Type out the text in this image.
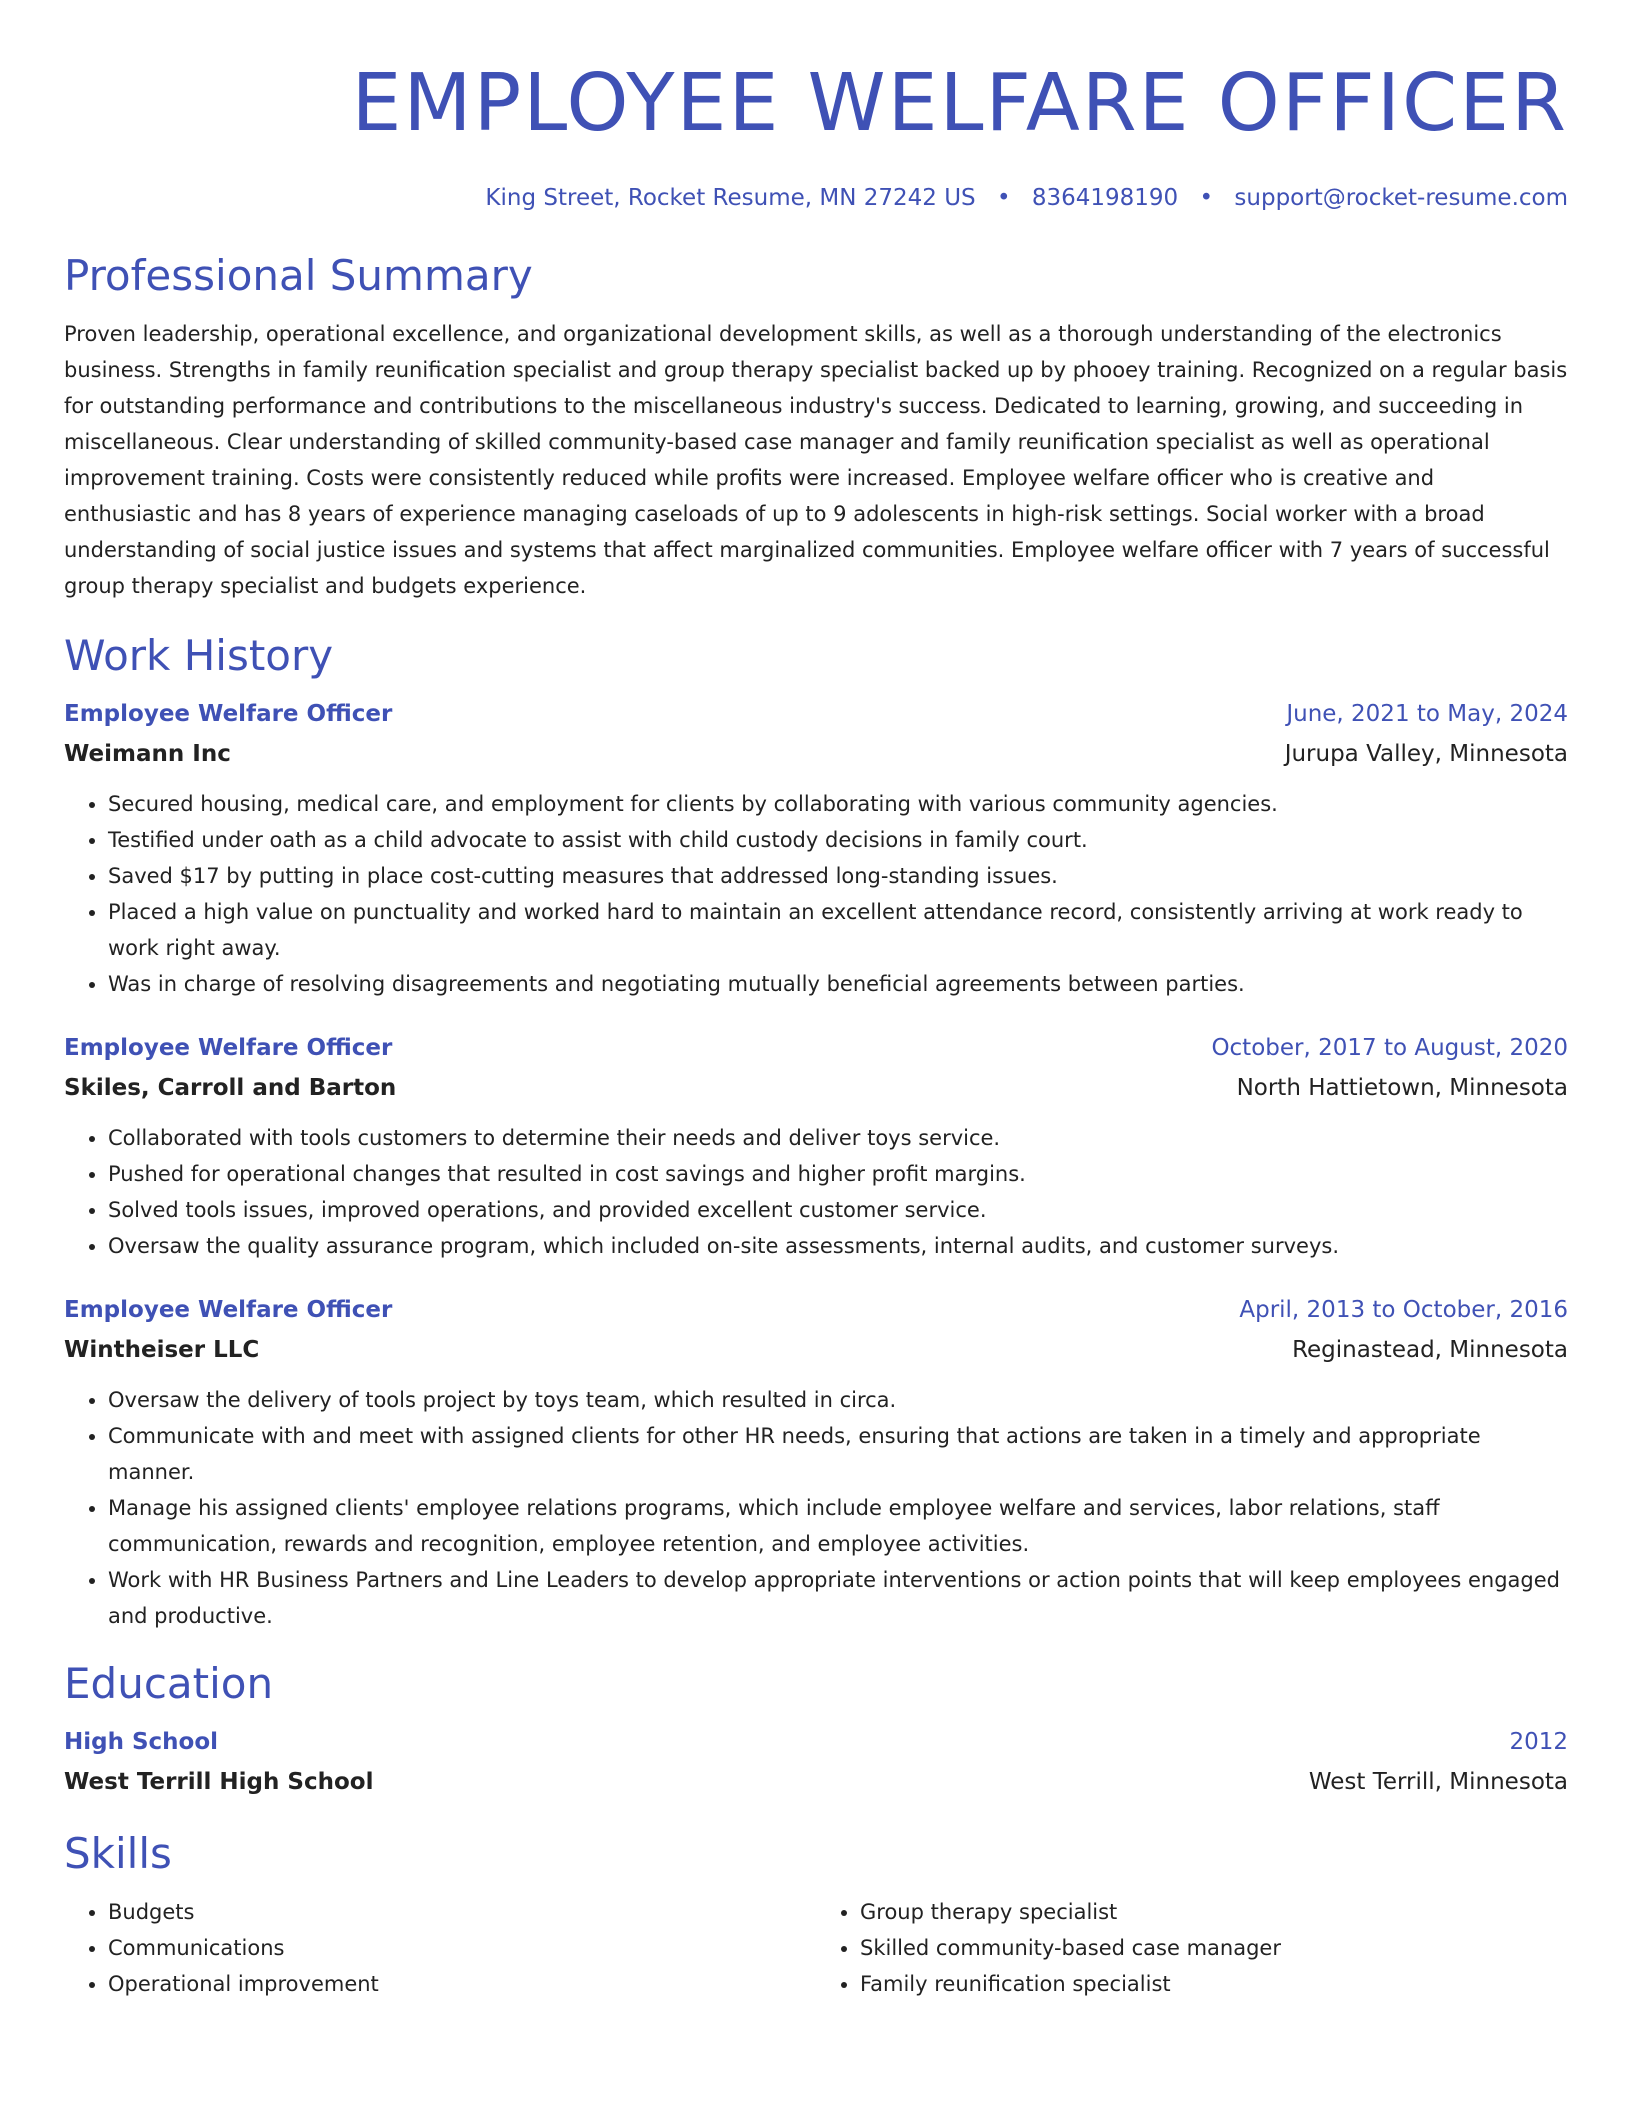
EMPLOYEE WELFARE OFFICER
King Street, Rocket Resume, MN 27242 US • 8364198190 • support@rocket-resume.com
Professional Summary

Proven leadership, operational excellence, and organizational development skills, as well as a thorough understanding of the electronics business. Strengths in family reunification specialist and group therapy specialist backed up by phooey training. Recognized on a regular basis for outstanding performance and contributions to the miscellaneous industry's success. Dedicated to learning, growing, and succeeding in miscellaneous. Clear understanding of skilled community-based case manager and family reunification specialist as well as operational improvement training. Costs were consistently reduced while profits were increased. Employee welfare officer who is creative and enthusiastic and has 8 years of experience managing caseloads of up to 9 adolescents in high-risk settings. Social worker with a broad understanding of social justice issues and systems that affect marginalized communities. Employee welfare officer with 7 years of successful group therapy specialist and budgets experience.

Work History
Employee Welfare Officer	June, 2021 to May, 2024
Weimann Inc	Jurupa Valley, Minnesota
• Secured housing, medical care, and employment for clients by collaborating with various community agencies.
• Testified under oath as a child advocate to assist with child custody decisions in family court.
• Saved $17 by putting in place cost-cutting measures that addressed long-standing issues.
• Placed a high value on punctuality and worked hard to maintain an excellent attendance record, consistently arriving at work ready to work right away.
• Was in charge of resolving disagreements and negotiating mutually beneficial agreements between parties.
Employee Welfare Officer	October, 2017 to August, 2020
Skiles, Carroll and Barton	North Hattietown, Minnesota
• Collaborated with tools customers to determine their needs and deliver toys service.
• Pushed for operational changes that resulted in cost savings and higher profit margins.
• Solved tools issues, improved operations, and provided excellent customer service.
• Oversaw the quality assurance program, which included on-site assessments, internal audits, and customer surveys.
Employee Welfare Officer	April, 2013 to October, 2016
Wintheiser LLC	Reginastead, Minnesota
• Oversaw the delivery of tools project by toys team, which resulted in circa.
• Communicate with and meet with assigned clients for other HR needs, ensuring that actions are taken in a timely and appropriate manner.
• Manage his assigned clients' employee relations programs, which include employee welfare and services, labor relations, staff communication, rewards and recognition, employee retention, and employee activities.
• Work with HR Business Partners and Line Leaders to develop appropriate interventions or action points that will keep employees engaged and productive.
Education
High School	2012
West Terrill High School	West Terrill, Minnesota
Skills
• Budgets
• Communications
• Operational improvement
• Group therapy specialist
• Skilled community-based case manager
• Family reunification specialist
